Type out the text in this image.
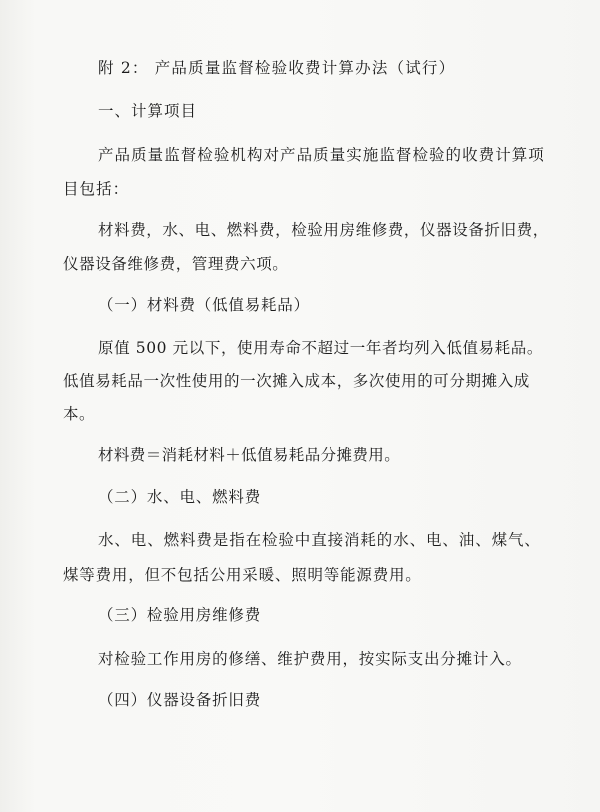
附 2： 产品质量监督检验收费计算办法（试行）
一、计算项目
产品质量监督检验机构对产品质量实施监督检验的收费计算项
目包括：
材料费，水、电、燃料费，检验用房维修费，仪器设备折旧费，
仪器设备维修费，管理费六项。
（一）材料费（低值易耗品）
原值 500 元以下，使用寿命不超过一年者均列入低值易耗品。
低值易耗品一次性使用的一次摊入成本，多次使用的可分期摊入成
本。
材料费＝消耗材料＋低值易耗品分摊费用。
（二）水、电、燃料费
水、电、燃料费是指在检验中直接消耗的水、电、油、煤气、
煤等费用，但不包括公用采暖、照明等能源费用。
（三）检验用房维修费
对检验工作用房的修缮、维护费用，按实际支出分摊计入。
（四）仪器设备折旧费
